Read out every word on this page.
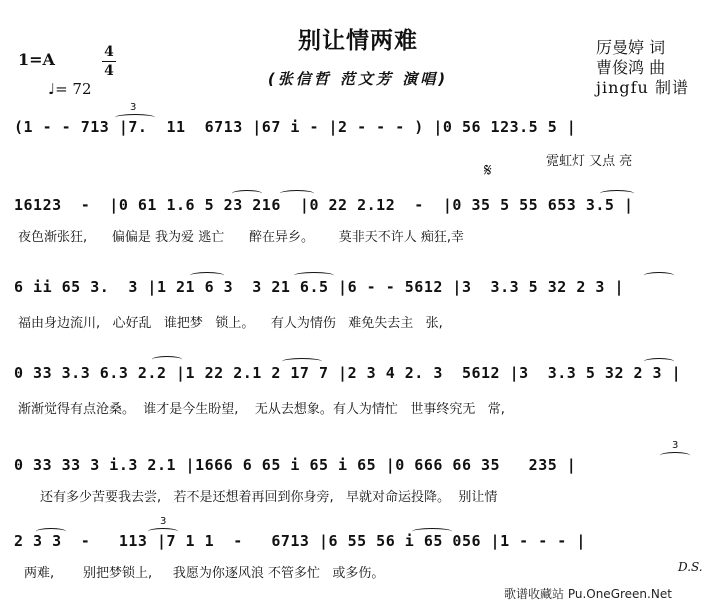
别让情两难
(张信哲 范文芳 演唱)
1=A	4
4
♩= 72
厉曼婷 词
曹俊鸿 曲
jingfu 制谱
(1 - - 713 |7.  11  6713 |67 i - |2 - - - ) |0 56 123.5 5 |
霓虹灯 又点 亮
3
𝄋
16123  -  |0 61 1.6 5 23 216  |0 22 2.12  -  |0 35 5 55 653 3.5 |
夜色渐张狂,      偏偏是 我为爱 逃亡      醉在异乡。      莫非天不许人 痴狂,幸
6 ii 65 3.  3 |1 21 6 3  3 21 6.5 |6 - - 5612 |3  3.3 5 32 2 3 |
福由身边流川,   心好乱   谁把梦   锁上。    有人为情伤   难免失去主   张,
0 33 3.3 6.3 2.2 |1 22 2.1 2 17 7 |2 3 4 2. 3  5612 |3  3.3 5 32 2 3 |
渐渐觉得有点沧桑。  谁才是今生盼望,    无从去想象。有人为情忙   世事终究无   常,
0 33 33 3 i.3 2.1 |1666 6 65 i 65 i 65 |0 666 66 35   235 |
还有多少苦要我去尝,   若不是还想着再回到你身旁,   早就对命运投降。  别让情
3
2 3 3  -   113 |7 1 1  -   6713 |6 55 56 i 65 056 |1 - - - |
两难,       别把梦锁上,     我愿为你逐风浪 不管多忙   或多伤。
3
D.S.
歌谱收藏站 Pu.OneGreen.Net
